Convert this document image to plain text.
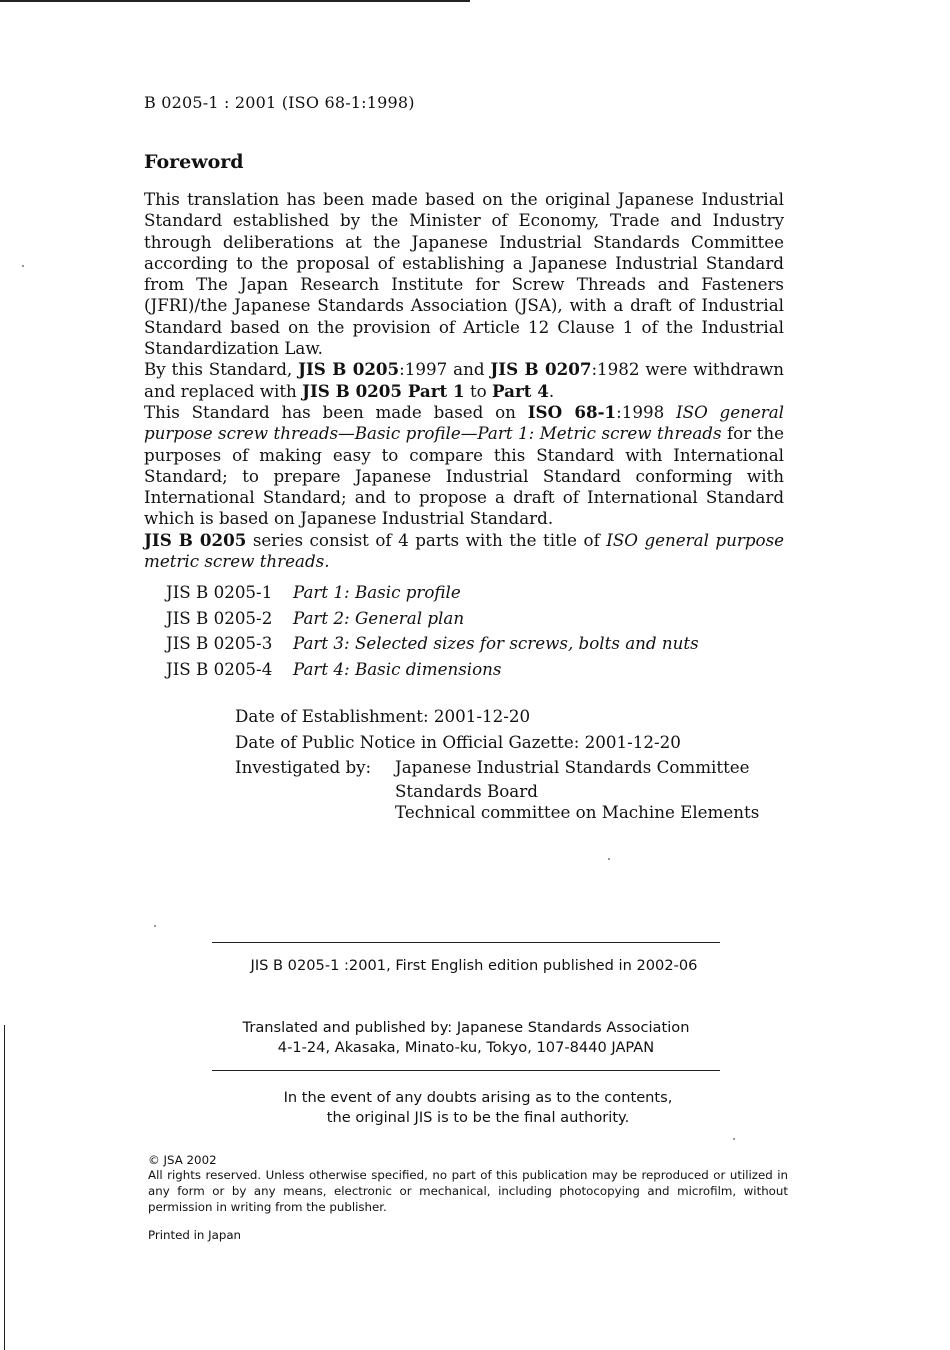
B 0205-1 : 2001 (ISO 68-1:1998)
Foreword

This translation has been made based on the original Japanese Industrial Standard established by the Minister of Economy, Trade and Industry through deliberations at the Japanese Industrial Standards Committee according to the proposal of establishing a Japanese Industrial Standard from The Japan Research Institute for Screw Threads and Fasteners (JFRI)/the Japanese Standards Association (JSA), with a draft of Industrial Standard based on the provision of Article 12 Clause 1 of the Industrial Standardization Law.

By this Standard, JIS B 0205:1997 and JIS B 0207:1982 were withdrawn and replaced with JIS B 0205 Part 1 to Part 4.

This Standard has been made based on ISO 68-1:1998 ISO general purpose screw threads—Basic profile—Part 1: Metric screw threads for the purposes of making easy to compare this Standard with International Standard; to prepare Japanese Industrial Standard conforming with International Standard; and to propose a draft of International Standard which is based on Japanese Industrial Standard.

JIS B 0205 series consist of 4 parts with the title of ISO general purpose metric screw threads.

JIS B 0205-1 Part 1: Basic profile
JIS B 0205-2 Part 2: General plan
JIS B 0205-3 Part 3: Selected sizes for screws, bolts and nuts
JIS B 0205-4 Part 4: Basic dimensions
Date of Establishment: 2001-12-20
Date of Public Notice in Official Gazette: 2001-12-20
Investigated by:	Japanese Industrial Standards Committee
Standards Board
Technical committee on Machine Elements
JIS B 0205-1 :2001, First English edition published in 2002-06
Translated and published by: Japanese Standards Association
4-1-24, Akasaka, Minato-ku, Tokyo, 107-8440 JAPAN
In the event of any doubts arising as to the contents,
the original JIS is to be the final authority.
© JSA 2002
All rights reserved. Unless otherwise specified, no part of this publication may be reproduced or utilized in any form or by any means, electronic or mechanical, including photocopying and microfilm, without permission in writing from the publisher.
Printed in Japan
